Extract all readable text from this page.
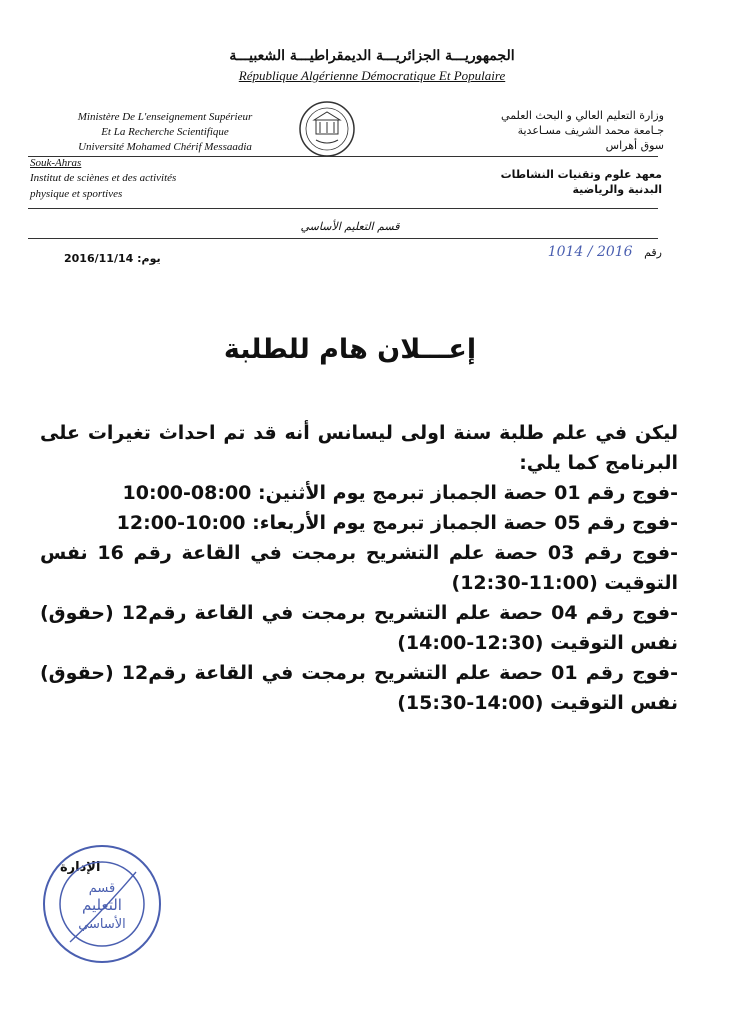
الجمهوريـــة الجزائريـــة الديمقراطيـــة الشعبيـــة
République Algérienne Démocratique Et Populaire
Ministère De L'enseignement Supérieur
Et La Recherche Scientifique
Université Mohamed Chérif Messaadia
وزارة التعليم العالي و البحث العلمي
جـامعة محمد الشريف مسـاعدية
سوق أهراس
Souk-Ahras
Institut de sciènes et des activités
physique et sportives
معهد علوم وتقنيات النشاطات
البدنية والرياضية
قسم التعليم الأساسي
يوم: 2016/11/14	رقم 2016 / 1014
إعـــلان هام للطلبة

ليكن في علم طلبة سنة اولى ليسانس أنه قد تم احداث تغيرات على البرنامج كما يلي:

-فوج رقم 01 حصة الجمباز تبرمج يوم الأثنين: 08:00-10:00

-فوج رقم 05 حصة الجمباز تبرمج يوم الأربعاء: 10:00-12:00

-فوج رقم 03 حصة علم التشريح برمجت في القاعة رقم 16 نفس التوقيت (11:00-12:30)

-فوج رقم 04 حصة علم التشريح برمجت في القاعة رقم12 (حقوق) نفس التوقيت (12:30-14:00)

-فوج رقم 01 حصة علم التشريح برمجت في القاعة رقم12 (حقوق) نفس التوقيت (14:00-15:30)

الإدارة
قسم
التعليم
الأساسي
